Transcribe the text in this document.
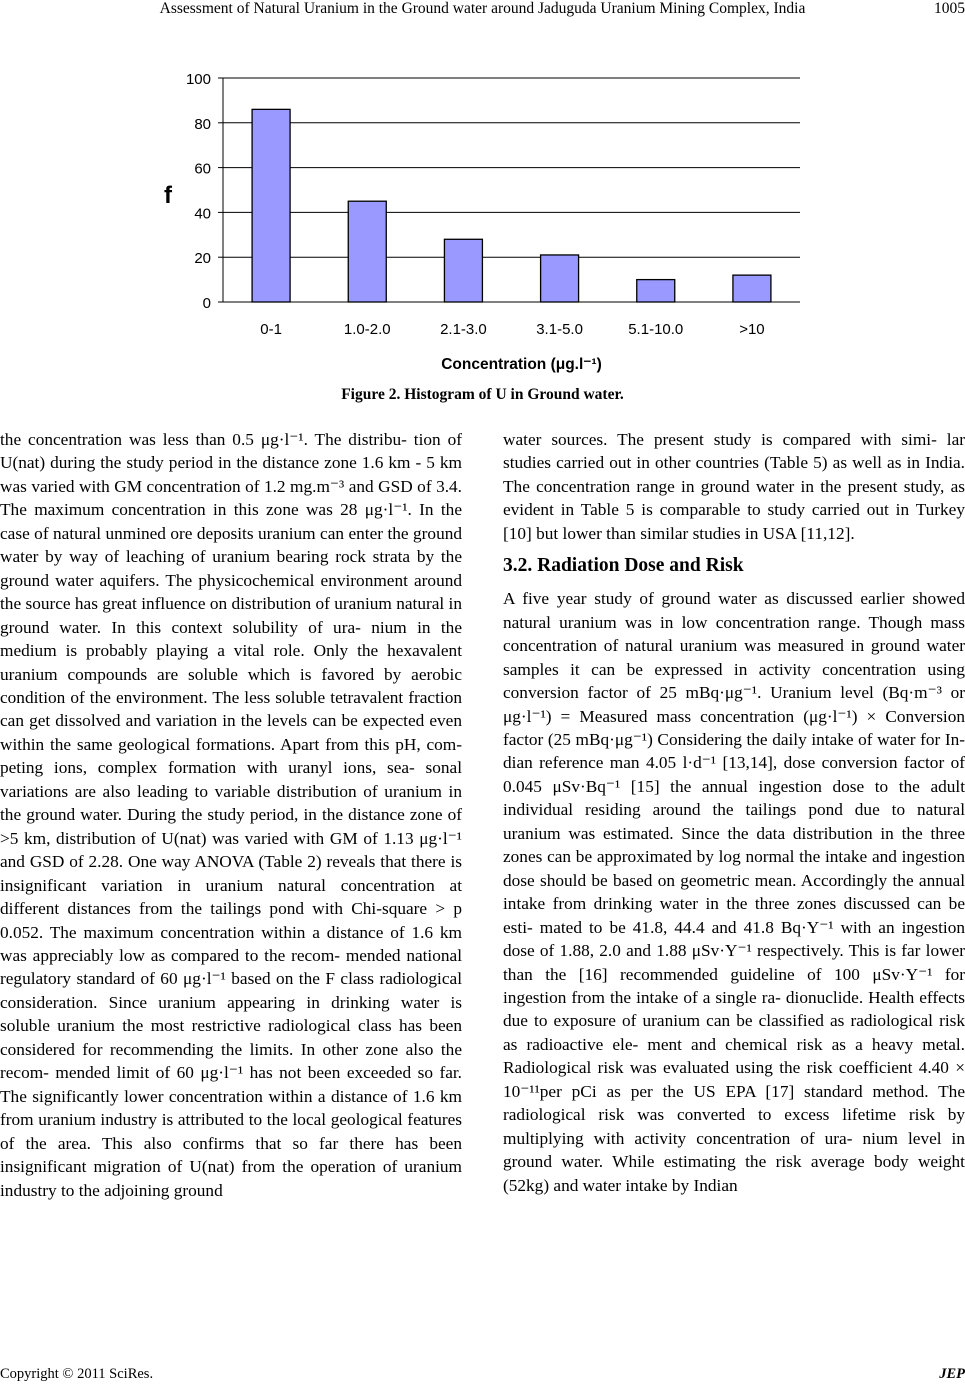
Assessment of Natural Uranium in the Ground water around Jaduguda Uranium Mining Complex, India	1005
0
20
40
60
80
100
0-1	1.0-2.0	2.1-3.0	3.1-5.0	5.1-10.0	>10
f
Concentration (μg.l⁻¹)
Figure 2. Histogram of U in Ground water.

the concentration was less than 0.5 μg·l⁻¹. The distribu- tion of U(nat) during the study period in the distance zone 1.6 km - 5 km was varied with GM concentration of 1.2 mg.m⁻³ and GSD of 3.4. The maximum concentration in this zone was 28 μg·l⁻¹. In the case of natural unmined ore deposits uranium can enter the ground water by way of leaching of uranium bearing rock strata by the ground water aquifers. The physicochemical environment around the source has great influence on distribution of uranium natural in ground water. In this context solubility of ura- nium in the medium is probably playing a vital role. Only the hexavalent uranium compounds are soluble which is favored by aerobic condition of the environment. The less soluble tetravalent fraction can get dissolved and variation in the levels can be expected even within the same geological formations. Apart from this pH, com- peting ions, complex formation with uranyl ions, sea- sonal variations are also leading to variable distribution of uranium in the ground water. During the study period, in the distance zone of >5 km, distribution of U(nat) was varied with GM of 1.13 μg·l⁻¹ and GSD of 2.28. One way ANOVA (Table 2) reveals that there is insignificant variation in uranium natural concentration at different distances from the tailings pond with Chi-square > p 0.052. The maximum concentration within a distance of 1.6 km was appreciably low as compared to the recom- mended national regulatory standard of 60 μg·l⁻¹ based on the F class radiological consideration. Since uranium appearing in drinking water is soluble uranium the most restrictive radiological class has been considered for recommending the limits. In other zone also the recom- mended limit of 60 μg·l⁻¹ has not been exceeded so far. The significantly lower concentration within a distance of 1.6 km from uranium industry is attributed to the local geological features of the area. This also confirms that so far there has been insignificant migration of U(nat) from the operation of uranium industry to the adjoining ground

water sources. The present study is compared with simi- lar studies carried out in other countries (Table 5) as well as in India. The concentration range in ground water in the present study, as evident in Table 5 is comparable to study carried out in Turkey [10] but lower than similar studies in USA [11,12].

3.2. Radiation Dose and Risk

A five year study of ground water as discussed earlier showed natural uranium was in low concentration range. Though mass concentration of natural uranium was measured in ground water samples it can be expressed in activity concentration using conversion factor of 25 mBq·μg⁻¹. Uranium level (Bq·m⁻³ or μg·l⁻¹) = Measured mass concentration (μg·l⁻¹) × Conversion factor (25 mBq·μg⁻¹) Considering the daily intake of water for In- dian reference man 4.05 l·d⁻¹ [13,14], dose conversion factor of 0.045 μSv·Bq⁻¹ [15] the annual ingestion dose to the adult individual residing around the tailings pond due to natural uranium was estimated. Since the data distribution in the three zones can be approximated by log normal the intake and ingestion dose should be based on geometric mean. Accordingly the annual intake from drinking water in the three zones discussed can be esti- mated to be 41.8, 44.4 and 41.8 Bq·Y⁻¹ with an ingestion dose of 1.88, 2.0 and 1.88 μSv·Y⁻¹ respectively. This is far lower than the [16] recommended guideline of 100 μSv·Y⁻¹ for ingestion from the intake of a single ra- dionuclide. Health effects due to exposure of uranium can be classified as radiological risk as radioactive ele- ment and chemical risk as a heavy metal. Radiological risk was evaluated using the risk coefficient 4.40 × 10⁻¹¹per pCi as per the US EPA [17] standard method. The radiological risk was converted to excess lifetime risk by multiplying with activity concentration of ura- nium level in ground water. While estimating the risk average body weight (52kg) and water intake by Indian

Copyright © 2011 SciRes.	JEP
